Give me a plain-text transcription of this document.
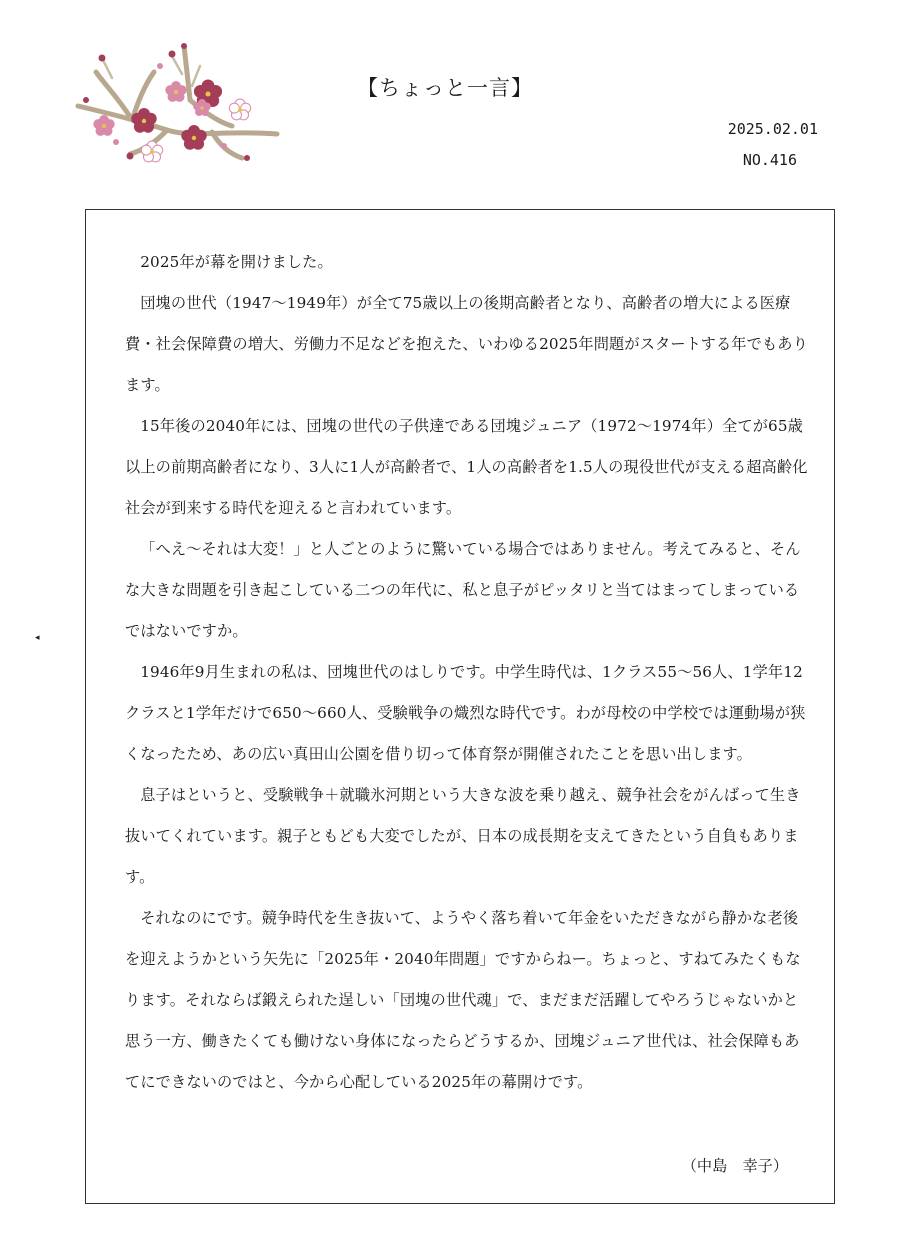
【ちょっと一言】
2025.02.01
NO.416
◂

2025年が幕を開けました。

団塊の世代（1947～1949年）が全て75歳以上の後期高齢者となり、高齢者の増大による医療費・社会保障費の増大、労働力不足などを抱えた、いわゆる2025年問題がスタートする年でもあります。

15年後の2040年には、団塊の世代の子供達である団塊ジュニア（1972～1974年）全てが65歳以上の前期高齢者になり、3人に1人が高齢者で、1人の高齢者を1.5人の現役世代が支える超高齢化社会が到来する時代を迎えると言われています。

「へえ～それは大変！」と人ごとのように驚いている場合ではありません。考えてみると、そんな大きな問題を引き起こしている二つの年代に、私と息子がピッタリと当てはまってしまっているではないですか。

1946年9月生まれの私は、団塊世代のはしりです。中学生時代は、1クラス55～56人、1学年12クラスと1学年だけで650～660人、受験戦争の熾烈な時代です。わが母校の中学校では運動場が狭くなったため、あの広い真田山公園を借り切って体育祭が開催されたことを思い出します。

息子はというと、受験戦争＋就職氷河期という大きな波を乗り越え、競争社会をがんばって生き抜いてくれています。親子ともども大変でしたが、日本の成長期を支えてきたという自負もあります。

それなのにです。競争時代を生き抜いて、ようやく落ち着いて年金をいただきながら静かな老後を迎えようかという矢先に「2025年・2040年問題」ですからねー。ちょっと、すねてみたくもなります。それならば鍛えられた逞しい「団塊の世代魂」で、まだまだ活躍してやろうじゃないかと思う一方、働きたくても働けない身体になったらどうするか、団塊ジュニア世代は、社会保障もあてにできないのではと、今から心配している2025年の幕開けです。

（中島　幸子）
